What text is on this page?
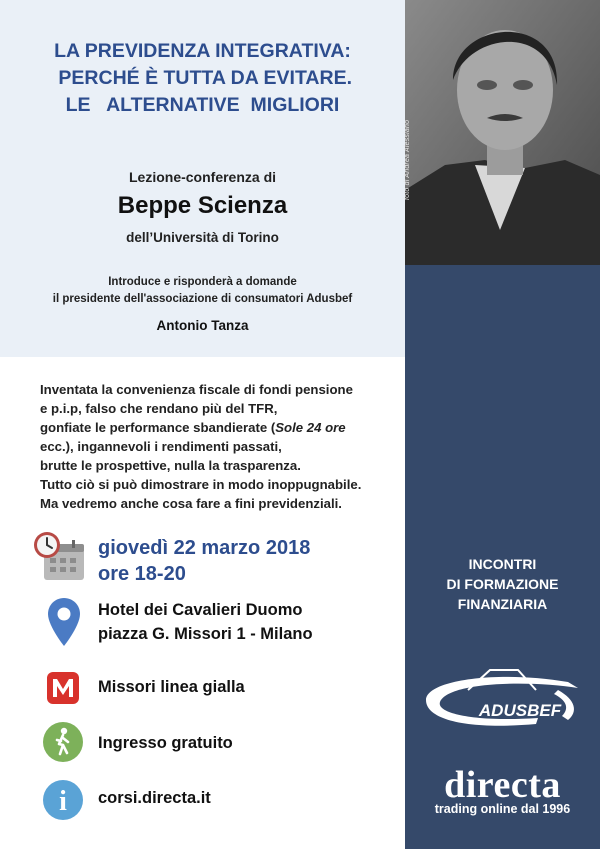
foto di Andrea Alessiano
LA PREVIDENZA INTEGRATIVA:
PERCHÉ È TUTTA DA EVITARE.
LE   ALTERNATIVE  MIGLIORI
Lezione-conferenza di
Beppe Scienza
dell’Università di Torino
Introduce e risponderà a domande
il presidente dell'associazione di consumatori Adusbef
Antonio Tanza
Inventata la convenienza fiscale di fondi pensione
e p.i.p, falso che rendano più del TFR,
gonfiate le performance sbandierate (Sole 24 ore
ecc.), ingannevoli i rendimenti passati,
brutte le prospettive, nulla la trasparenza.
Tutto ciò si può dimostrare in modo inoppugnabile.
Ma vedremo anche cosa fare a fini previdenziali.
giovedì 22 marzo 2018
ore 18-20
Hotel dei Cavalieri Duomo
piazza G. Missori 1 - Milano
Missori linea gialla
Ingresso gratuito
i corsi.directa.it
INCONTRI
DI FORMAZIONE
FINANZIARIA
ADUSBEF
directa
trading online dal 1996
